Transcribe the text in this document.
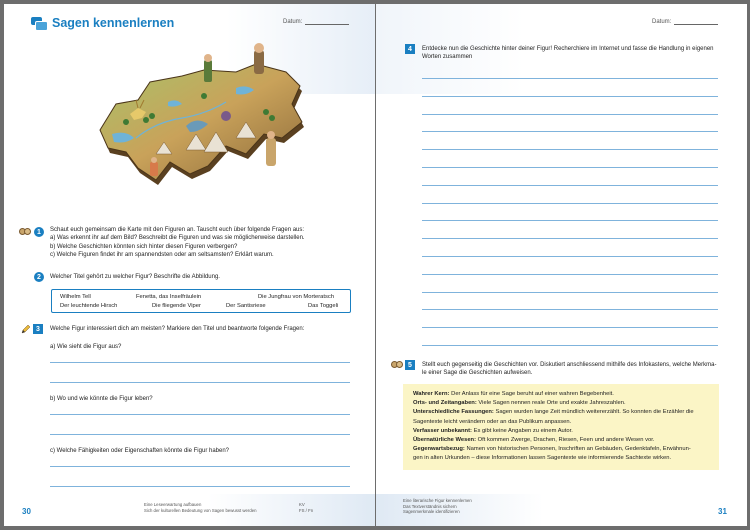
Sagen kennenlernen	Datum:
1	Schaut euch gemeinsam die Karte mit den Figuren an. Tauscht euch über folgende Fragen aus:
a) Was erkennt ihr auf dem Bild? Beschreibt die Figuren und was sie möglicherweise darstellen.
b) Welche Geschichten könnten sich hinter diesen Figuren verbergen?
c) Welche Figuren findet ihr am spannendsten oder am seltsamsten? Erklärt warum.
2	Welcher Titel gehört zu welcher Figur? Beschrifte die Abbildung.
Wilhelm Tell	Fenetta, das Inselfräulein	Die Jungfrau von Morteratsch
Der leuchtende Hirsch	Die fliegende Viper	Der Santisriese	Das Toggeli
3	Welche Figur interessiert dich am meisten? Markiere den Titel und beantworte folgende Fragen:
a) Wie sieht die Figur aus?
b) Wo und wie könnte die Figur leben?
c) Welche Fähigkeiten oder Eigenschaften könnte die Figur haben?
30
Eine Leseerwartung aufbauen
Sich der kulturellen Bedeutung von Sagen bewusst werden
KV
FS / Fn
Datum:
4	Entdecke nun die Geschichte hinter deiner Figur! Recherchiere im Internet und fasse die Handlung in eigenen
Worten zusammen
5	Stellt euch gegenseitig die Geschichten vor. Diskutiert anschliessend mithilfe des Infokastens, welche Merkma-
le einer Sage die Geschichten aufweisen.
Wahrer Kern: Der Anlass für eine Sage beruht auf einer wahren Begebenheit.
Orts- und Zeitangaben: Viele Sagen nennen reale Orte und exakte Jahreszahlen.
Unterschiedliche Fassungen: Sagen wurden lange Zeit mündlich weitererzählt. So konnten die Erzähler die
Sagentexte leicht verändern oder an das Publikum anpassen.
Verfasser unbekannt: Es gibt keine Angaben zu einem Autor.
Übernatürliche Wesen: Oft kommen Zwerge, Drachen, Riesen, Feen und andere Wesen vor.
Gegenwartsbezug: Namen von historischen Personen, Inschriften an Gebäuden, Gedenktafeln, Erwähnun-
gen in alten Urkunden – diese Informationen lassen Sagentexte wie informierende Sachtexte wirken.
Eine literarische Figur kennenlernen
Das Textverständnis sichern
Sagenmerkmale identifizieren	31
